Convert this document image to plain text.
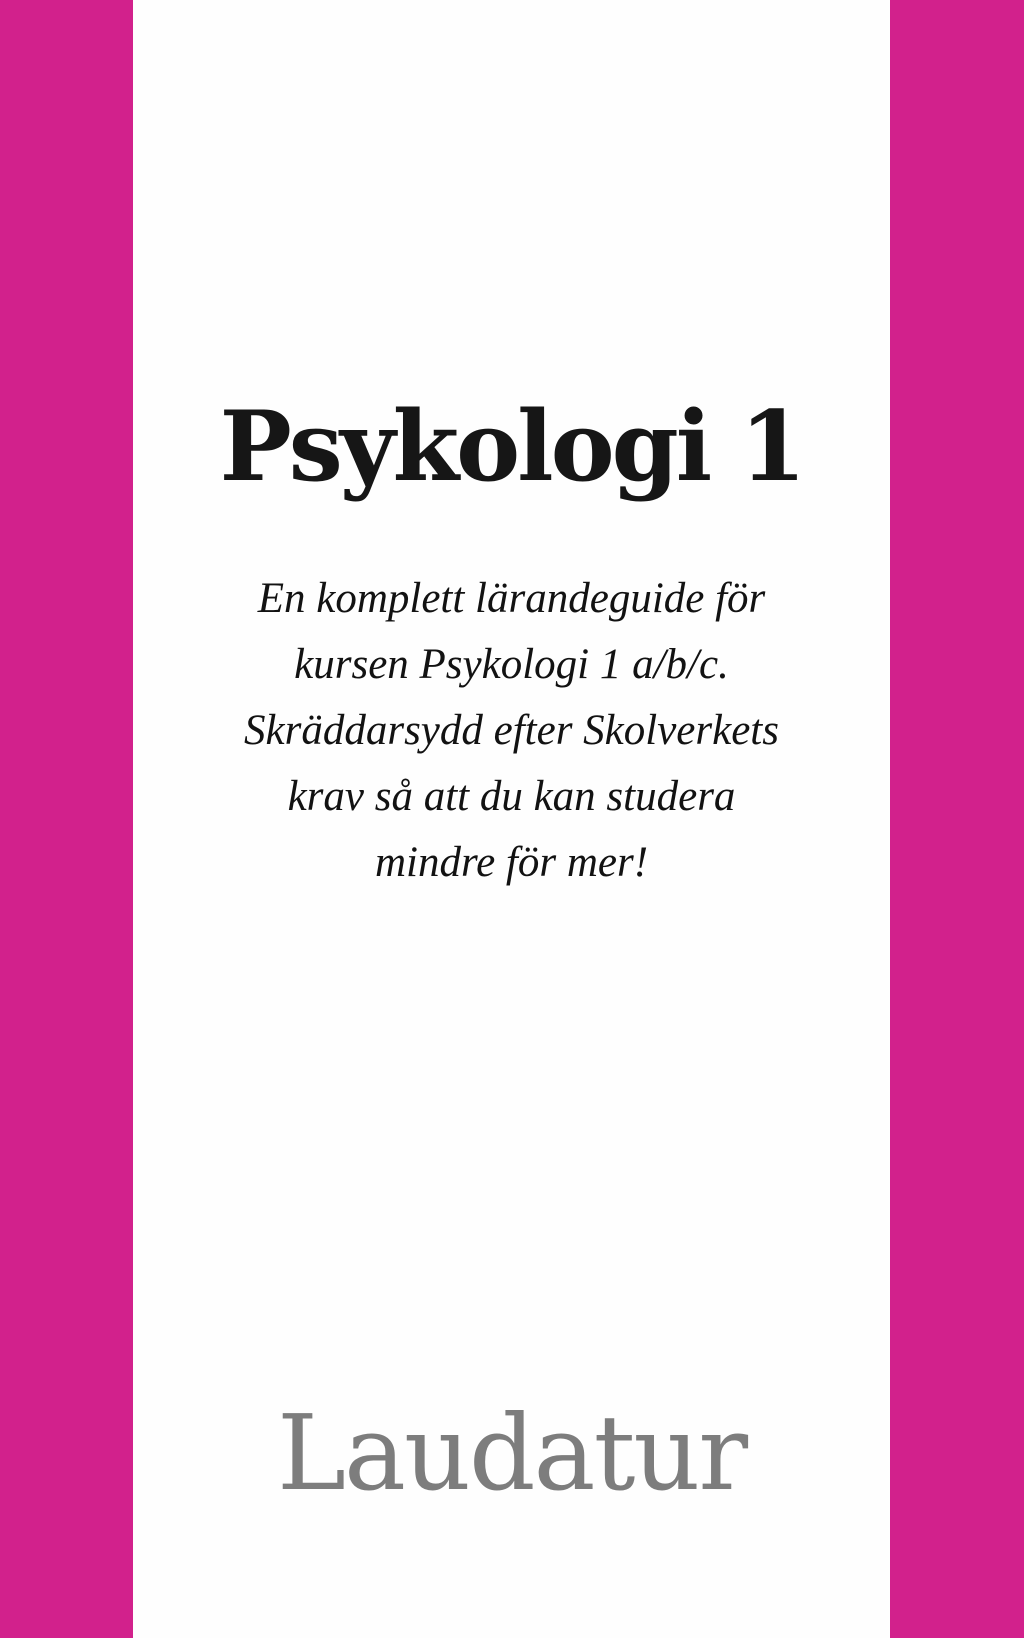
Psykologi 1
En komplett lärandeguide för
kursen Psykologi 1 a/b/c.
Skräddarsydd efter Skolverkets
krav så att du kan studera
mindre för mer!
Laudatur
